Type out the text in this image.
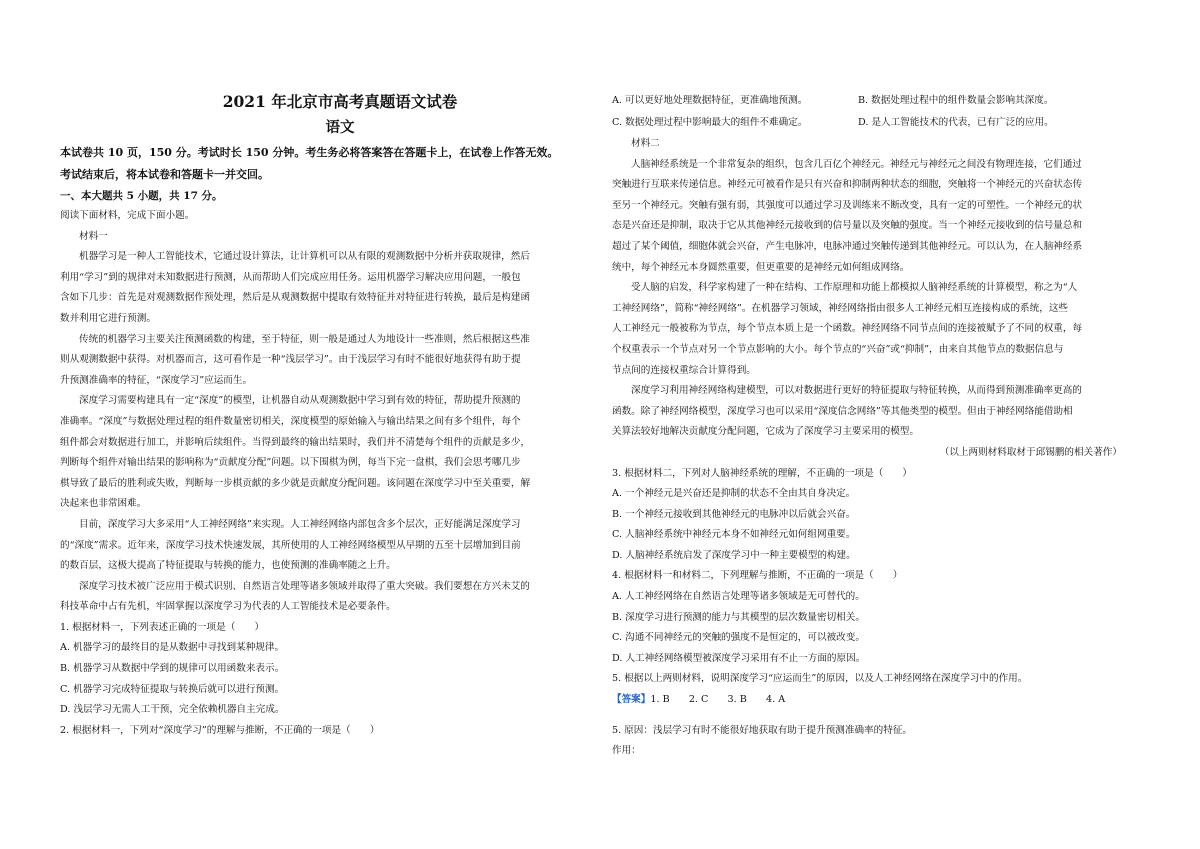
2021 年北京市高考真题语文试卷
语文
本试卷共 10 页，150 分。考试时长 150 分钟。考生务必将答案答在答题卡上，在试卷上作答无效。
考试结束后，将本试卷和答题卡一并交回。
一、本大题共 5 小题，共 17 分。
阅读下面材料，完成下面小题。
材料一
机器学习是一种人工智能技术，它通过设计算法，让计算机可以从有限的观测数据中分析并获取规律，然后
利用“学习”到的规律对未知数据进行预测，从而帮助人们完成应用任务。运用机器学习解决应用问题，一般包
含如下几步：首先是对观测数据作预处理，然后是从观测数据中提取有效特征并对特征进行转换，最后是构建函
数并利用它进行预测。
传统的机器学习主要关注预测函数的构建，至于特征，则一般是通过人为地设计一些准则，然后根据这些准
则从观测数据中获得。对机器而言，这可看作是一种“浅层学习”。由于浅层学习有时不能很好地获得有助于提
升预测准确率的特征，“深度学习”应运而生。
深度学习需要构建具有一定“深度”的模型，让机器自动从观测数据中学习到有效的特征，帮助提升预测的
准确率。“深度”与数据处理过程的组件数量密切相关，深度模型的原始输入与输出结果之间有多个组件，每个
组件都会对数据进行加工，并影响后续组件。当得到最终的输出结果时，我们并不清楚每个组件的贡献是多少，
判断每个组件对输出结果的影响称为“贡献度分配”问题。以下围棋为例，每当下完一盘棋，我们会思考哪几步
棋导致了最后的胜利或失败，判断每一步棋贡献的多少就是贡献度分配问题。该问题在深度学习中至关重要，解
决起来也非常困难。
目前，深度学习大多采用“人工神经网络”来实现。人工神经网络内部包含多个层次，正好能满足深度学习
的“深度”需求。近年来，深度学习技术快速发展，其所使用的人工神经网络模型从早期的五至十层增加到目前
的数百层，这极大提高了特征提取与转换的能力，也使预测的准确率随之上升。
深度学习技术被广泛应用于模式识别、自然语言处理等诸多领域并取得了重大突破。我们要想在方兴未艾的
科技革命中占有先机，牢固掌握以深度学习为代表的人工智能技术是必要条件。
1. 根据材料一，下列表述正确的一项是（　　）
A. 机器学习的最终目的是从数据中寻找到某种规律。
B. 机器学习从数据中学到的规律可以用函数来表示。
C. 机器学习完成特征提取与转换后就可以进行预测。
D. 浅层学习无需人工干预，完全依赖机器自主完成。
2. 根据材料一，下列对“深度学习”的理解与推断，不正确的一项是（　　）
A. 可以更好地处理数据特征，更准确地预测。	B. 数据处理过程中的组件数量会影响其深度。
C. 数据处理过程中影响最大的组件不难确定。	D. 是人工智能技术的代表，已有广泛的应用。
材料二
人脑神经系统是一个非常复杂的组织，包含几百亿个神经元。神经元与神经元之间没有物理连接，它们通过
突触进行互联来传递信息。神经元可被看作是只有兴奋和抑制两种状态的细胞，突触将一个神经元的兴奋状态传
至另一个神经元。突触有强有弱，其强度可以通过学习及训练来不断改变，具有一定的可塑性。一个神经元的状
态是兴奋还是抑制，取决于它从其他神经元接收到的信号量以及突触的强度。当一个神经元接收到的信号量总和
超过了某个阈值，细胞体就会兴奋，产生电脉冲，电脉冲通过突触传递到其他神经元。可以认为，在人脑神经系
统中，每个神经元本身圆然重要，但更重要的是神经元如何组成网络。
受人脑的启发，科学家构建了一种在结构、工作原理和功能上都模拟人脑神经系统的计算模型，称之为“人
工神经网络”，简称“神经网络”。在机器学习领域，神经网络指由很多人工神经元相互连接构成的系统，这些
人工神经元一般被称为节点，每个节点本质上是一个函数。神经网络不同节点间的连接被赋予了不同的权重，每
个权重表示一个节点对另一个节点影响的大小。每个节点的“兴奋”或“抑制”，由来自其他节点的数据信息与
节点间的连接权重综合计算得到。
深度学习利用神经网络构建模型，可以对数据进行更好的特征提取与特征转换，从而得到预测准确率更高的
函数。除了神经网络模型，深度学习也可以采用“深度信念网络”等其他类型的模型。但由于神经网络能借助相
关算法较好地解决贡献度分配问题，它成为了深度学习主要采用的模型。
（以上两则材料取材于邱锡鹏的相关著作）
3. 根据材料二，下列对人脑神经系统的理解，不正确的一项是（　　）
A. 一个神经元是兴奋还是抑制的状态不全由其自身决定。
B. 一个神经元接收到其他神经元的电脉冲以后就会兴奋。
C. 人脑神经系统中神经元本身不如神经元如何组网重要。
D. 人脑神经系统启发了深度学习中一种主要模型的构建。
4. 根据材料一和材料二，下列理解与推断，不正确的一项是（　　）
A. 人工神经网络在自然语言处理等诸多领域是无可替代的。
B. 深度学习进行预测的能力与其模型的层次数量密切相关。
C. 沟通不同神经元的突触的强度不是恒定的，可以被改变。
D. 人工神经网络模型被深度学习采用有不止一方面的原因。
5. 根据以上两则材料，说明深度学习“应运而生”的原因，以及人工神经网络在深度学习中的作用。
【答案】1. B　　2. C　　3. B　　4. A
5. 原因：浅层学习有时不能很好地获取有助于提升预测准确率的特征。
作用：
